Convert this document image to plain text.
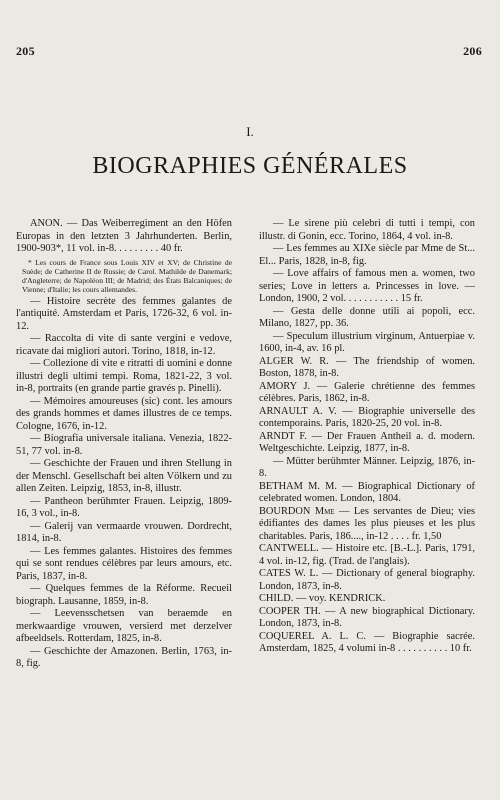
205	206
I.
BIOGRAPHIES GÉNÉRALES

ANON. — Das Weiberregiment an den Höfen Europas in den letzten 3 Jahrhunderten. Berlin, 1900-903*, 11 vol. in-8. . . . . . . . . 40 fr.

* Les cours de France sous Louis XIV et XV; de Christine de Suède; de Catherine II de Russie; de Carol. Mathilde de Danemark; d'Angleterre; de Napoléon III; de Madrid; des États Balcaniques; de Vienne; d'Italie; les cours allemandes.

— Histoire secrète des femmes galantes de l'antiquité. Amsterdam et Paris, 1726-32, 6 vol. in-12.

— Raccolta di vite di sante vergini e vedove, ricavate dai migliori autori. Torino, 1818, in-12.

— Collezione di vite e ritratti di uomini e donne illustri degli ultimi tempi. Roma, 1821-22, 3 vol. in-8, portraits (en grande partie gravés p. Pinelli).

— Mémoires amoureuses (sic) cont. les amours des grands hommes et dames illustres de ce temps. Cologne, 1676, in-12.

— Biografia universale italiana. Venezia, 1822-51, 77 vol. in-8.

— Geschichte der Frauen und ihren Stellung in der Menschl. Gesellschaft bei alten Völkern und zu allen Zeiten. Leipzig, 1853, in-8, illustr.

— Pantheon berühmter Frauen. Leipzig, 1809-16, 3 vol., in-8.

— Galerij van vermaarde vrouwen. Dordrecht, 1814, in-8.

— Les femmes galantes. Histoires des femmes qui se sont rendues célèbres par leurs amours, etc. Paris, 1837, in-8.

— Quelques femmes de la Réforme. Recueil biograph. Lausanne, 1859, in-8.

— Leevensschetsen van beraemde en merkwaardige vrouwen, versierd met derzelver afbeeldsels. Rotterdam, 1825, in-8.

— Geschichte der Amazonen. Berlin, 1763, in-8, fig.

— Le sirene più celebri di tutti i tempi, con illustr. di Gonin, ecc. Torino, 1864, 4 vol. in-8.

— Les femmes au XIXe siècle par Mme de St... El... Paris, 1828, in-8, fig.

— Love affairs of famous men a. women, two series; Love in letters a. Princesses in love. — London, 1900, 2 vol. . . . . . . . . . . 15 fr.

— Gesta delle donne utili ai popoli, ecc. Milano, 1827, pp. 36.

— Speculum illustrium virginum, Antuerpiae v. 1600, in-4, av. 16 pl.

ALGER W. R. — The friendship of women. Boston, 1878, in-8.

AMORY J. — Galerie chrétienne des femmes célèbres. Paris, 1862, in-8.

ARNAULT A. V. — Biographie universelle des contemporains. Paris, 1820-25, 20 vol. in-8.

ARNDT F. — Der Frauen Antheil a. d. modern. Weltgeschichte. Leipzig, 1877, in-8.

— Mütter berühmter Männer. Leipzig, 1876, in-8.

BETHAM M. M. — Biographical Dictionary of celebrated women. London, 1804.

BOURDON Mme — Les servantes de Dieu; vies édifiantes des dames les plus pieuses et les plus charitables. Paris, 186...., in-12 . . . . fr. 1,50

CANTWELL. — Histoire etc. [B.-L.]. Paris, 1791, 4 vol. in-12, fig. (Trad. de l'anglais).

CATES W. L. — Dictionary of general biography. London, 1873, in-8.

CHILD. — voy. KENDRICK.

COOPER TH. — A new biographical Dictionary. London, 1873, in-8.

COQUEREL A. L. C. — Biographie sacrée. Amsterdam, 1825, 4 volumi in-8 . . . . . . . . . . 10 fr.
